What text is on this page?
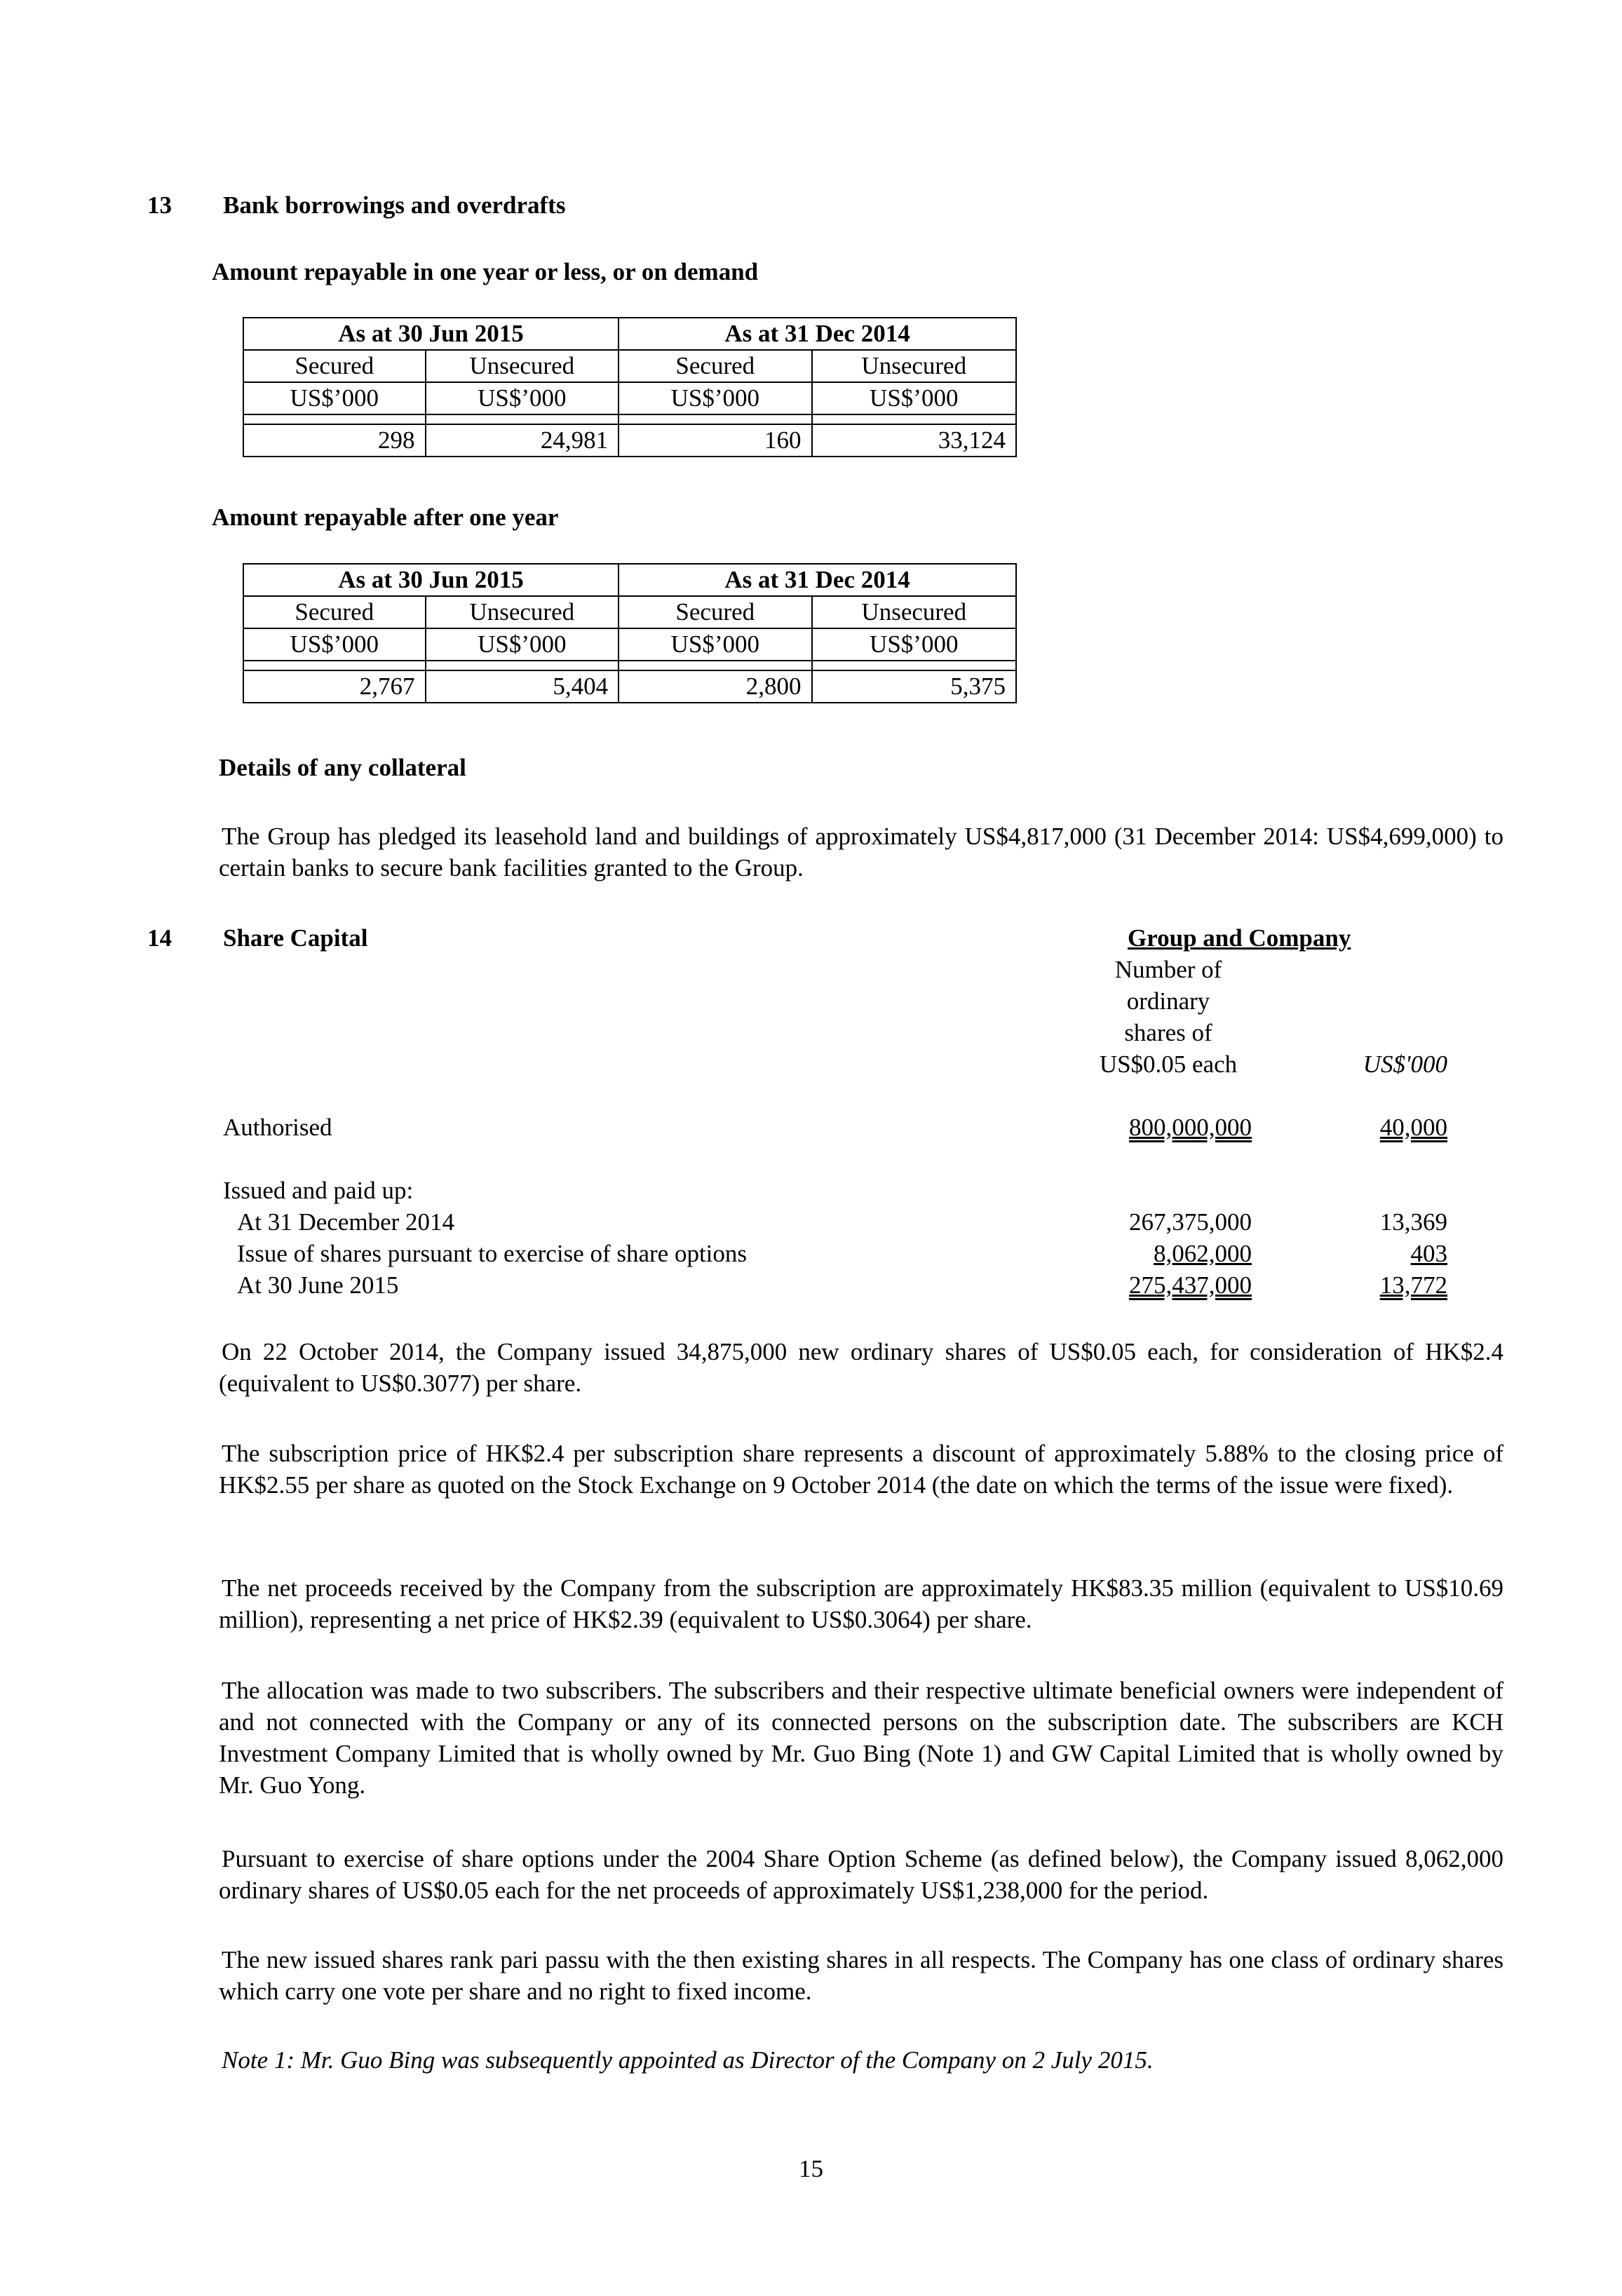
13 Bank borrowings and overdrafts
Amount repayable in one year or less, or on demand
As at 30 Jun 2015		As at 31 Dec 2014	
Secured	Unsecured	Secured	Unsecured
US$’000	US$’000	US$’000	US$’000

298	24,981	160	33,124
Amount repayable after one year
As at 30 Jun 2015		As at 31 Dec 2014	
Secured	Unsecured	Secured	Unsecured
US$’000	US$’000	US$’000	US$’000

2,767	5,404	2,800	5,375
Details of any collateral
The Group has pledged its leasehold land and buildings of approximately US$4,817,000 (31 December 2014: US$4,699,000) to certain banks to secure bank facilities granted to the Group.
14 Share Capital	Group and Company
Number of
ordinary
shares of
US$0.05 each	US$'000
Authorised	800,000,000	40,000
Issued and paid up:
At 31 December 2014	267,375,000	13,369
Issue of shares pursuant to exercise of share options	8,062,000	403
At 30 June 2015	275,437,000	13,772
On 22 October 2014, the Company issued 34,875,000 new ordinary shares of US$0.05 each, for consideration of HK$2.4 (equivalent to US$0.3077) per share.
The subscription price of HK$2.4 per subscription share represents a discount of approximately 5.88% to the closing price of HK$2.55 per share as quoted on the Stock Exchange on 9 October 2014 (the date on which the terms of the issue were fixed).
The net proceeds received by the Company from the subscription are approximately HK$83.35 million (equivalent to US$10.69 million), representing a net price of HK$2.39 (equivalent to US$0.3064) per share.
The allocation was made to two subscribers. The subscribers and their respective ultimate beneficial owners were independent of and not connected with the Company or any of its connected persons on the subscription date. The subscribers are KCH Investment Company Limited that is wholly owned by Mr. Guo Bing (Note 1) and GW Capital Limited that is wholly owned by Mr. Guo Yong.
Pursuant to exercise of share options under the 2004 Share Option Scheme (as defined below), the Company issued 8,062,000 ordinary shares of US$0.05 each for the net proceeds of approximately US$1,238,000 for the period.
The new issued shares rank pari passu with the then existing shares in all respects. The Company has one class of ordinary shares which carry one vote per share and no right to fixed income.
Note 1: Mr. Guo Bing was subsequently appointed as Director of the Company on 2 July 2015.
15
